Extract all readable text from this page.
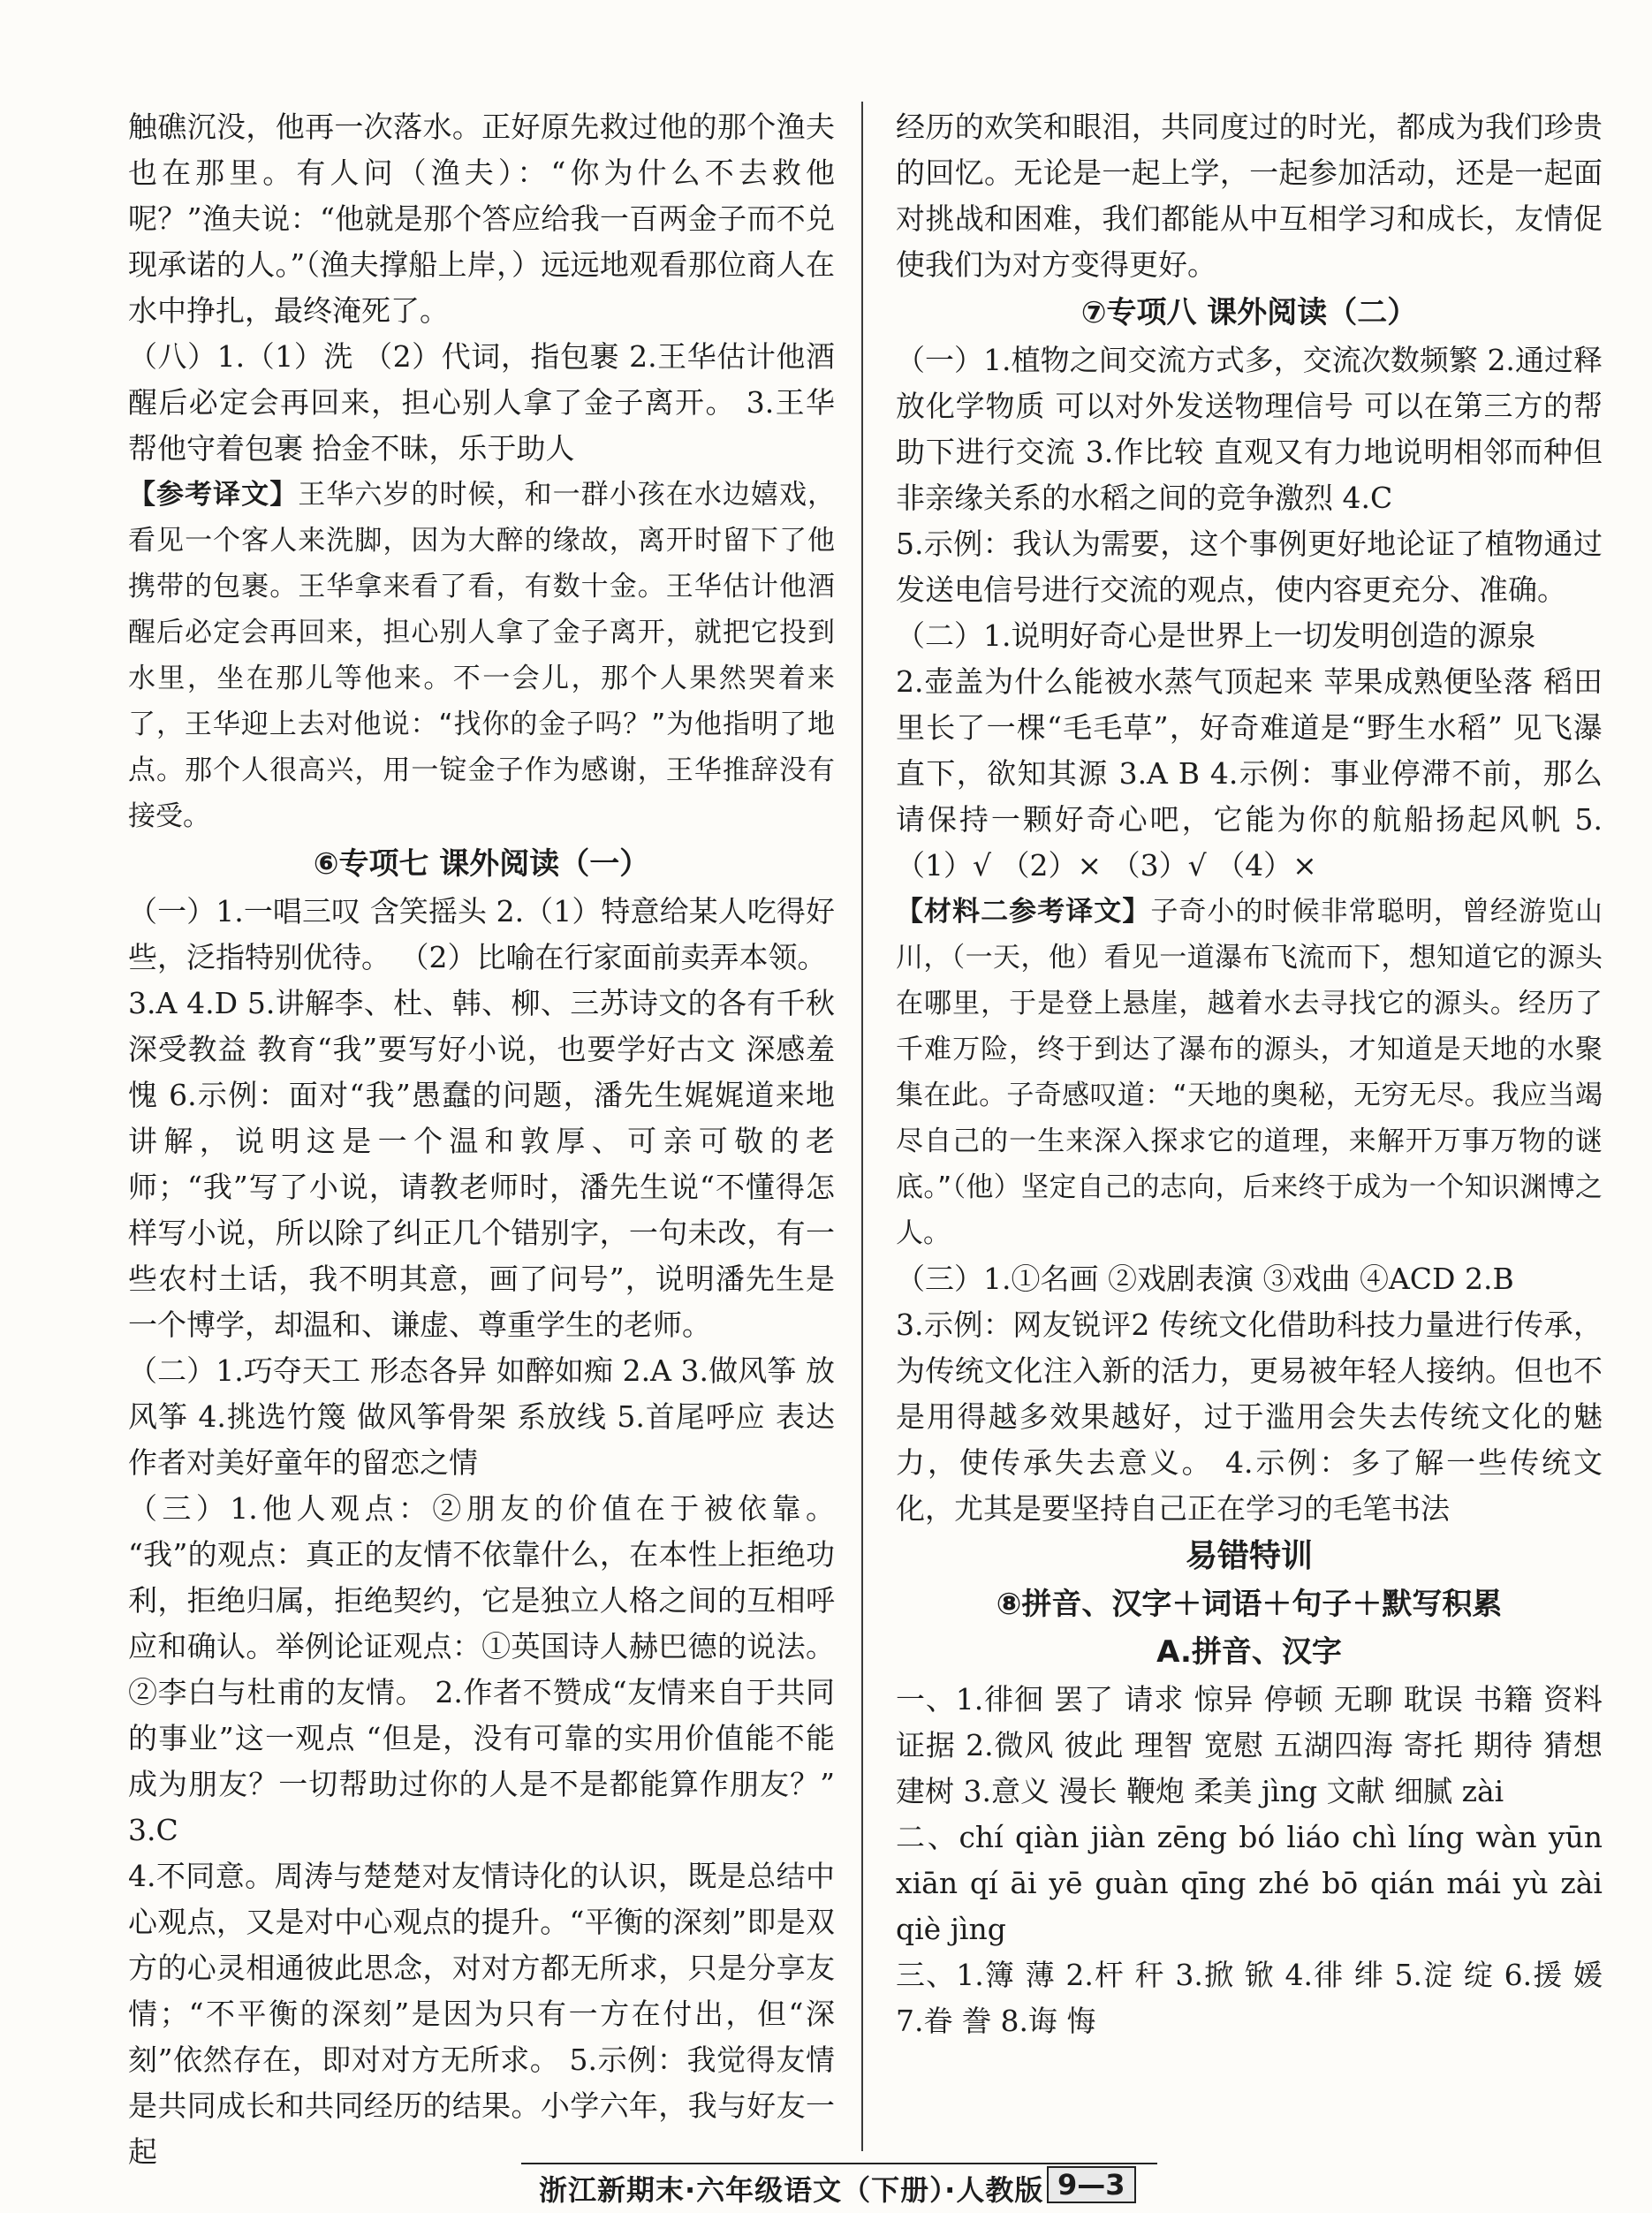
触礁沉没，他再一次落水。正好原先救过他的那个渔夫也在那里。有人问（渔夫）：“你为什么不去救他呢？”渔夫说：“他就是那个答应给我一百两金子而不兑现承诺的人。”（渔夫撑船上岸，）远远地观看那位商人在水中挣扎，最终淹死了。

（八）1.（1）洗 （2）代词，指包裹 2.王华估计他酒醒后必定会再回来，担心别人拿了金子离开。 3.王华帮他守着包裹 拾金不昧，乐于助人

【参考译文】王华六岁的时候，和一群小孩在水边嬉戏，看见一个客人来洗脚，因为大醉的缘故，离开时留下了他携带的包裹。王华拿来看了看，有数十金。王华估计他酒醒后必定会再回来，担心别人拿了金子离开，就把它投到水里，坐在那儿等他来。不一会儿，那个人果然哭着来了，王华迎上去对他说：“找你的金子吗？”为他指明了地点。那个人很高兴，用一锭金子作为感谢，王华推辞没有接受。

⑥专项七 课外阅读（一）

（一）1.一唱三叹 含笑摇头 2.（1）特意给某人吃得好些，泛指特别优待。 （2）比喻在行家面前卖弄本领。

3.A 4.D 5.讲解李、杜、韩、柳、三苏诗文的各有千秋 深受教益 教育“我”要写好小说，也要学好古文 深感羞愧 6.示例：面对“我”愚蠢的问题，潘先生娓娓道来地讲解，说明这是一个温和敦厚、可亲可敬的老师；“我”写了小说，请教老师时，潘先生说“不懂得怎样写小说，所以除了纠正几个错别字，一句未改，有一些农村土话，我不明其意，画了问号”，说明潘先生是一个博学，却温和、谦虚、尊重学生的老师。

（二）1.巧夺天工 形态各异 如醉如痴 2.A 3.做风筝 放风筝 4.挑选竹篾 做风筝骨架 系放线 5.首尾呼应 表达作者对美好童年的留恋之情

（三）1.他人观点：②朋友的价值在于被依靠。 “我”的观点：真正的友情不依靠什么，在本性上拒绝功利，拒绝归属，拒绝契约，它是独立人格之间的互相呼应和确认。举例论证观点：①英国诗人赫巴德的说法。②李白与杜甫的友情。 2.作者不赞成“友情来自于共同的事业”这一观点 “但是，没有可靠的实用价值能不能成为朋友？一切帮助过你的人是不是都能算作朋友？” 3.C

4.不同意。周涛与楚楚对友情诗化的认识，既是总结中心观点，又是对中心观点的提升。“平衡的深刻”即是双方的心灵相通彼此思念，对对方都无所求，只是分享友情；“不平衡的深刻”是因为只有一方在付出，但“深刻”依然存在，即对对方无所求。 5.示例：我觉得友情是共同成长和共同经历的结果。小学六年，我与好友一起

经历的欢笑和眼泪，共同度过的时光，都成为我们珍贵的回忆。无论是一起上学，一起参加活动，还是一起面对挑战和困难，我们都能从中互相学习和成长，友情促使我们为对方变得更好。

⑦专项八 课外阅读（二）

（一）1.植物之间交流方式多，交流次数频繁 2.通过释放化学物质 可以对外发送物理信号 可以在第三方的帮助下进行交流 3.作比较 直观又有力地说明相邻而种但非亲缘关系的水稻之间的竞争激烈 4.C

5.示例：我认为需要，这个事例更好地论证了植物通过发送电信号进行交流的观点，使内容更充分、准确。

（二）1.说明好奇心是世界上一切发明创造的源泉

2.壶盖为什么能被水蒸气顶起来 苹果成熟便坠落 稻田里长了一棵“毛毛草”，好奇难道是“野生水稻” 见飞瀑直下，欲知其源 3.A B 4.示例：事业停滞不前，那么请保持一颗好奇心吧，它能为你的航船扬起风帆 5.（1）√ （2）× （3）√ （4）×

【材料二参考译文】子奇小的时候非常聪明，曾经游览山川，（一天，他）看见一道瀑布飞流而下，想知道它的源头在哪里，于是登上悬崖，越着水去寻找它的源头。经历了千难万险，终于到达了瀑布的源头，才知道是天地的水聚集在此。子奇感叹道：“天地的奥秘，无穷无尽。我应当竭尽自己的一生来深入探求它的道理，来解开万事万物的谜底。”（他）坚定自己的志向，后来终于成为一个知识渊博之人。

（三）1.①名画 ②戏剧表演 ③戏曲 ④ACD 2.B

3.示例：网友锐评2 传统文化借助科技力量进行传承，为传统文化注入新的活力，更易被年轻人接纳。但也不是用得越多效果越好，过于滥用会失去传统文化的魅力，使传承失去意义。 4.示例：多了解一些传统文化，尤其是要坚持自己正在学习的毛笔书法

易错特训
⑧拼音、汉字＋词语＋句子＋默写积累
A.拼音、汉字

一、1.徘徊 罢了 请求 惊异 停顿 无聊 耽误 书籍 资料 证据 2.微风 彼此 理智 宽慰 五湖四海 寄托 期待 猜想 建树 3.意义 漫长 鞭炮 柔美 jìng 文献 细腻 zài

二、chí qiàn jiàn zēng bó liáo chì líng wàn yūn xiān qí āi yē guàn qīng zhé bō qián mái yù zài qiè jìng

三、1.簿 薄 2.杆 秆 3.掀 锨 4.徘 绯 5.淀 绽 6.援 媛 7.眷 誊 8.诲 悔

浙江新期末·六年级语文（下册）·人教版 9—3
